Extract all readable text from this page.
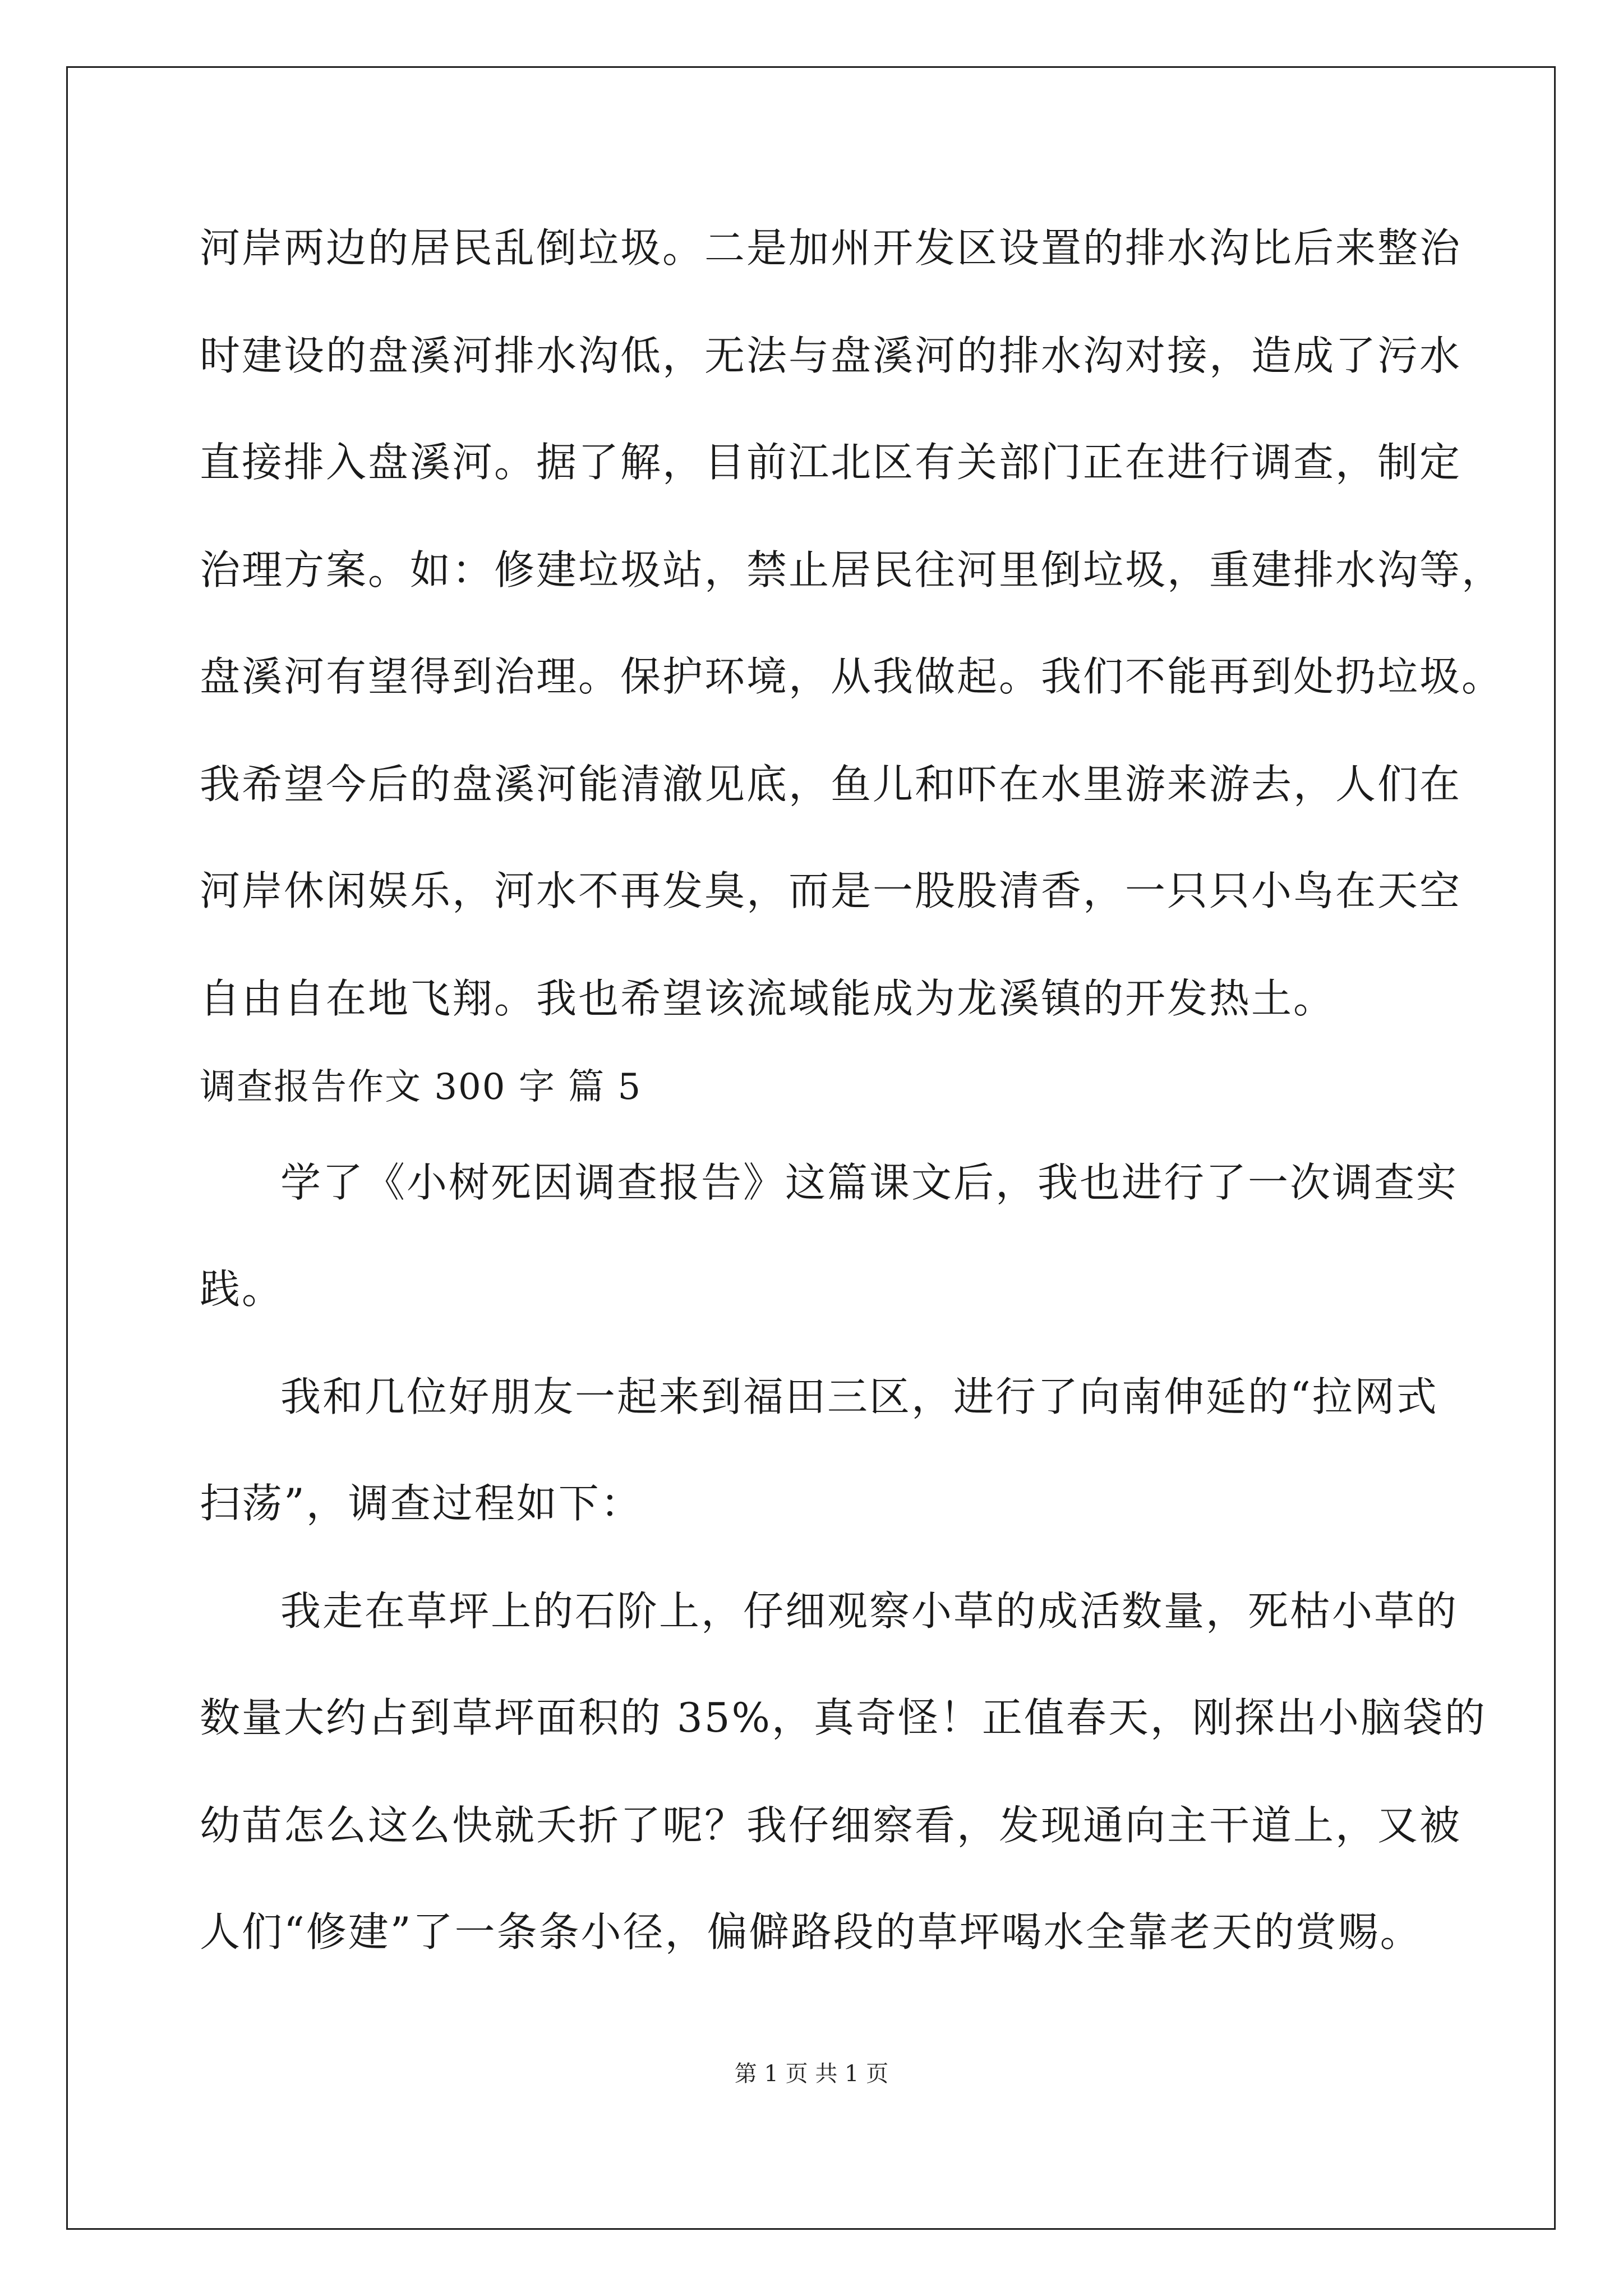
河岸两边的居民乱倒垃圾。二是加州开发区设置的排水沟比后来整治
时建设的盘溪河排水沟低，无法与盘溪河的排水沟对接，造成了污水
直接排入盘溪河。据了解，目前江北区有关部门正在进行调查，制定
治理方案。如：修建垃圾站，禁止居民往河里倒垃圾，重建排水沟等，
盘溪河有望得到治理。保护环境，从我做起。我们不能再到处扔垃圾。
我希望今后的盘溪河能清澈见底，鱼儿和吓在水里游来游去，人们在
河岸休闲娱乐，河水不再发臭，而是一股股清香，一只只小鸟在天空
自由自在地飞翔。我也希望该流域能成为龙溪镇的开发热土。
调查报告作文 300 字 篇 5
学了《小树死因调查报告》这篇课文后，我也进行了一次调查实
践。
我和几位好朋友一起来到福田三区，进行了向南伸延的“拉网式
扫荡”，调查过程如下：
我走在草坪上的石阶上，仔细观察小草的成活数量，死枯小草的
数量大约占到草坪面积的 35%，真奇怪！正值春天，刚探出小脑袋的
幼苗怎么这么快就夭折了呢？我仔细察看，发现通向主干道上，又被
人们“修建”了一条条小径，偏僻路段的草坪喝水全靠老天的赏赐。
第 1 页 共 1 页
